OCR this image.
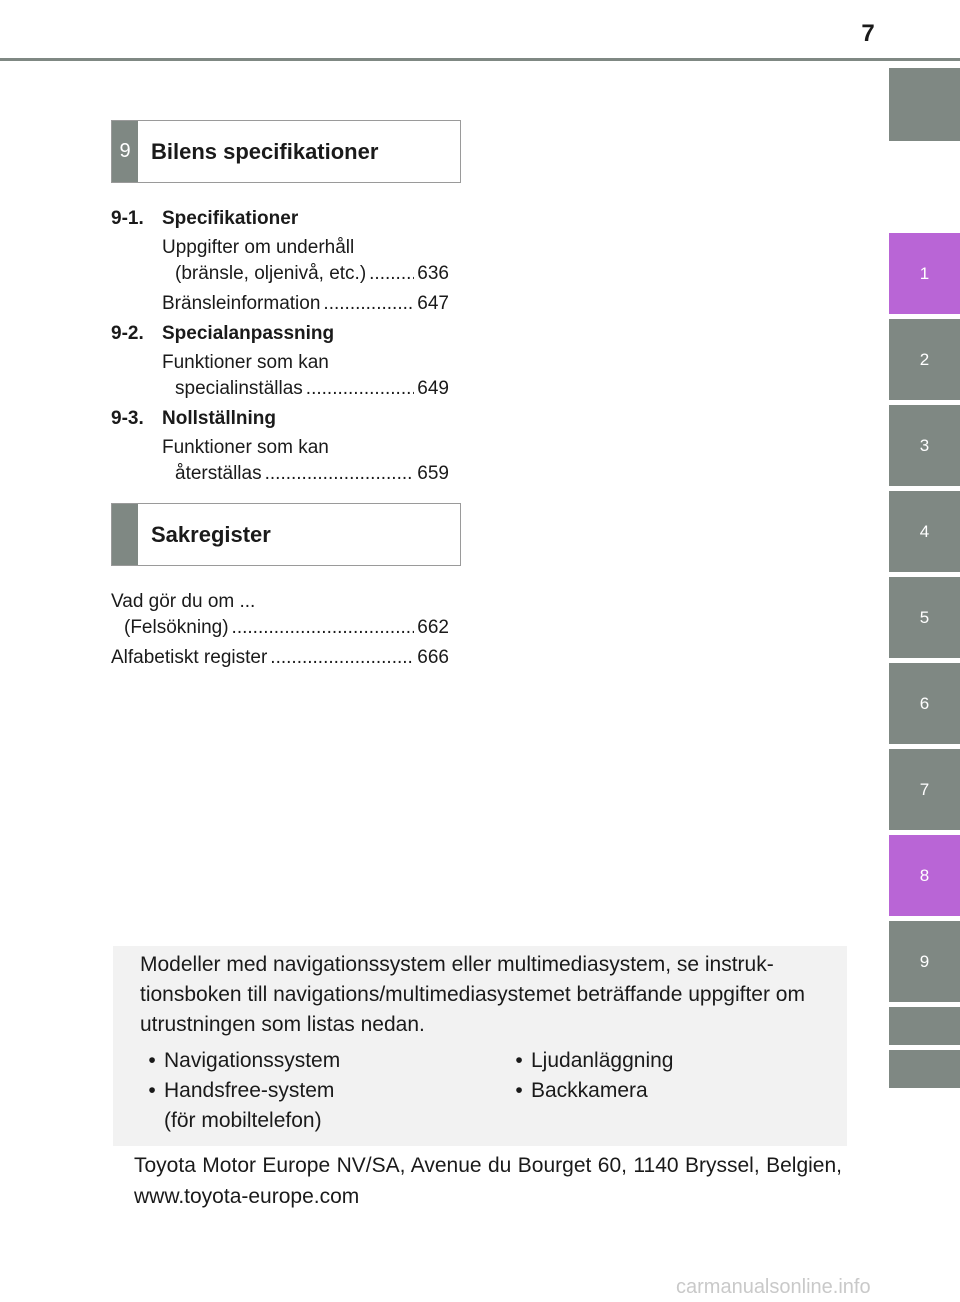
7
1
2
3
4
5
6
7
8
9
9 Bilens specifikationer
9-1. Specifikationer
Uppgifter om underhåll
(bränsle, oljenivå, etc.) .....	636
Bränsleinformation .....	647
9-2. Specialanpassning
Funktioner som kan
specialinställas .....	649
9-3. Nollställning
Funktioner som kan
återställas .....	659
Sakregister
Vad gör du om ...
(Felsökning) .....	662
Alfabetiskt register .....	666
Modeller med navigationssystem eller multimediasystem, se instruk-tionsboken till navigations/multimediasystemet beträffande uppgifter om utrustningen som listas nedan.
• Navigationssystem
• Handsfree-system (för mobiltelefon)
• Ljudanläggning
• Backkamera
Toyota Motor Europe NV/SA, Avenue du Bourget 60, 1140 Bryssel, Belgien, www.toyota-europe.com
carmanualsonline.info
